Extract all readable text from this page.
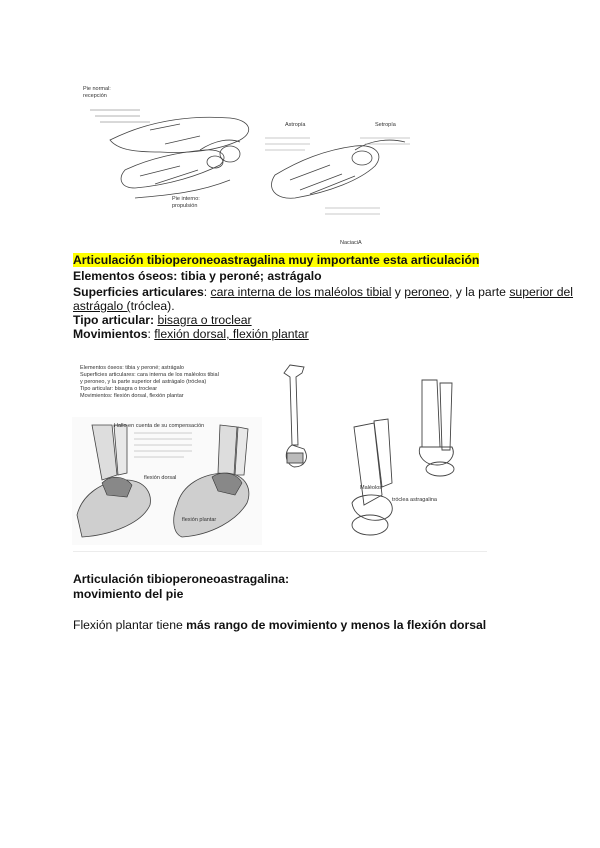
Pie normal:
recepción
Pie interno:
propulsión
Astropía	Setropía
NaciaciA
Articulación tibioperoneoastragalina muy importante esta articulación
Elementos óseos: tibia y peroné; astrágalo
Superficies articulares: cara interna de los maléolos tibial y peroneo, y la parte superior del
astrágalo (tróclea).
Tipo articular: bisagra o troclear
Movimientos: flexión dorsal, flexión plantar
Elementos óseos: tibia y peroné; astrágalo
Superficies articulares: cara interna de los maléolos tibial
y peroneo, y la parte superior del astrágalo (tróclea)
Tipo articular: bisagra o troclear
Movimientos: flexión dorsal, flexión plantar
Hallo en cuenta de su compensación
flexión dorsal
flexión plantar
Maléolos
tróclea astragalina
Articulación tibioperoneoastragalina:
movimiento del pie
Flexión plantar tiene más rango de movimiento y menos la flexión dorsal
